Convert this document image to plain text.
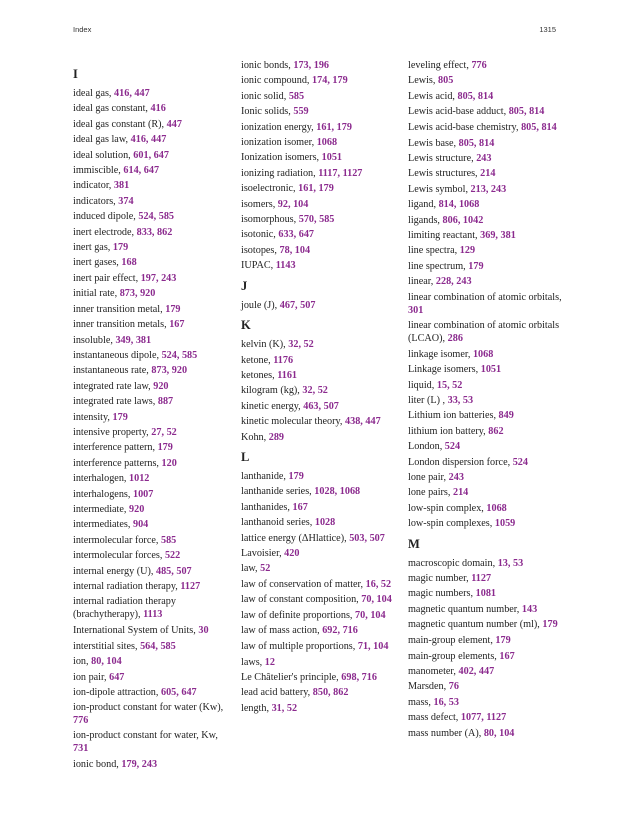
Index	1315
I
ideal gas, 416, 447
ideal gas constant, 416
ideal gas constant (R), 447
ideal gas law, 416, 447
ideal solution, 601, 647
immiscible, 614, 647
indicator, 381
indicators, 374
induced dipole, 524, 585
inert electrode, 833, 862
inert gas, 179
inert gases, 168
inert pair effect, 197, 243
initial rate, 873, 920
inner transition metal, 179
inner transition metals, 167
insoluble, 349, 381
instantaneous dipole, 524, 585
instantaneous rate, 873, 920
integrated rate law, 920
integrated rate laws, 887
intensity, 179
intensive property, 27, 52
interference pattern, 179
interference patterns, 120
interhalogen, 1012
interhalogens, 1007
intermediate, 920
intermediates, 904
intermolecular force, 585
intermolecular forces, 522
internal energy (U), 485, 507
internal radiation therapy, 1127
internal radiation therapy (brachytherapy), 1113
International System of Units, 30
interstitial sites, 564, 585
ion, 80, 104
ion pair, 647
ion-dipole attraction, 605, 647
ion-product constant for water (Kw), 776
ion-product constant for water, Kw, 731
ionic bond, 179, 243
ionic bonds, 173, 196
ionic compound, 174, 179
ionic solid, 585
Ionic solids, 559
ionization energy, 161, 179
ionization isomer, 1068
Ionization isomers, 1051
ionizing radiation, 1117, 1127
isoelectronic, 161, 179
isomers, 92, 104
isomorphous, 570, 585
isotonic, 633, 647
isotopes, 78, 104
IUPAC, 1143
J
joule (J), 467, 507
K
kelvin (K), 32, 52
ketone, 1176
ketones, 1161
kilogram (kg), 32, 52
kinetic energy, 463, 507
kinetic molecular theory, 438, 447
Kohn, 289
L
lanthanide, 179
lanthanide series, 1028, 1068
lanthanides, 167
lanthanoid series, 1028
lattice energy (ΔHlattice), 503, 507
Lavoisier, 420
law, 52
law of conservation of matter, 16, 52
law of constant composition, 70, 104
law of definite proportions, 70, 104
law of mass action, 692, 716
law of multiple proportions, 71, 104
laws, 12
Le Châtelier's principle, 698, 716
lead acid battery, 850, 862
length, 31, 52
leveling effect, 776
Lewis, 805
Lewis acid, 805, 814
Lewis acid-base adduct, 805, 814
Lewis acid-base chemistry, 805, 814
Lewis base, 805, 814
Lewis structure, 243
Lewis structures, 214
Lewis symbol, 213, 243
ligand, 814, 1068
ligands, 806, 1042
limiting reactant, 369, 381
line spectra, 129
line spectrum, 179
linear, 228, 243
linear combination of atomic orbitals, 301
linear combination of atomic orbitals (LCAO), 286
linkage isomer, 1068
Linkage isomers, 1051
liquid, 15, 52
liter (L) , 33, 53
Lithium ion batteries, 849
lithium ion battery, 862
London, 524
London dispersion force, 524
lone pair, 243
lone pairs, 214
low-spin complex, 1068
low-spin complexes, 1059
M
macroscopic domain, 13, 53
magic number, 1127
magic numbers, 1081
magnetic quantum number, 143
magnetic quantum number (ml), 179
main-group element, 179
main-group elements, 167
manometer, 402, 447
Marsden, 76
mass, 16, 53
mass defect, 1077, 1127
mass number (A), 80, 104
